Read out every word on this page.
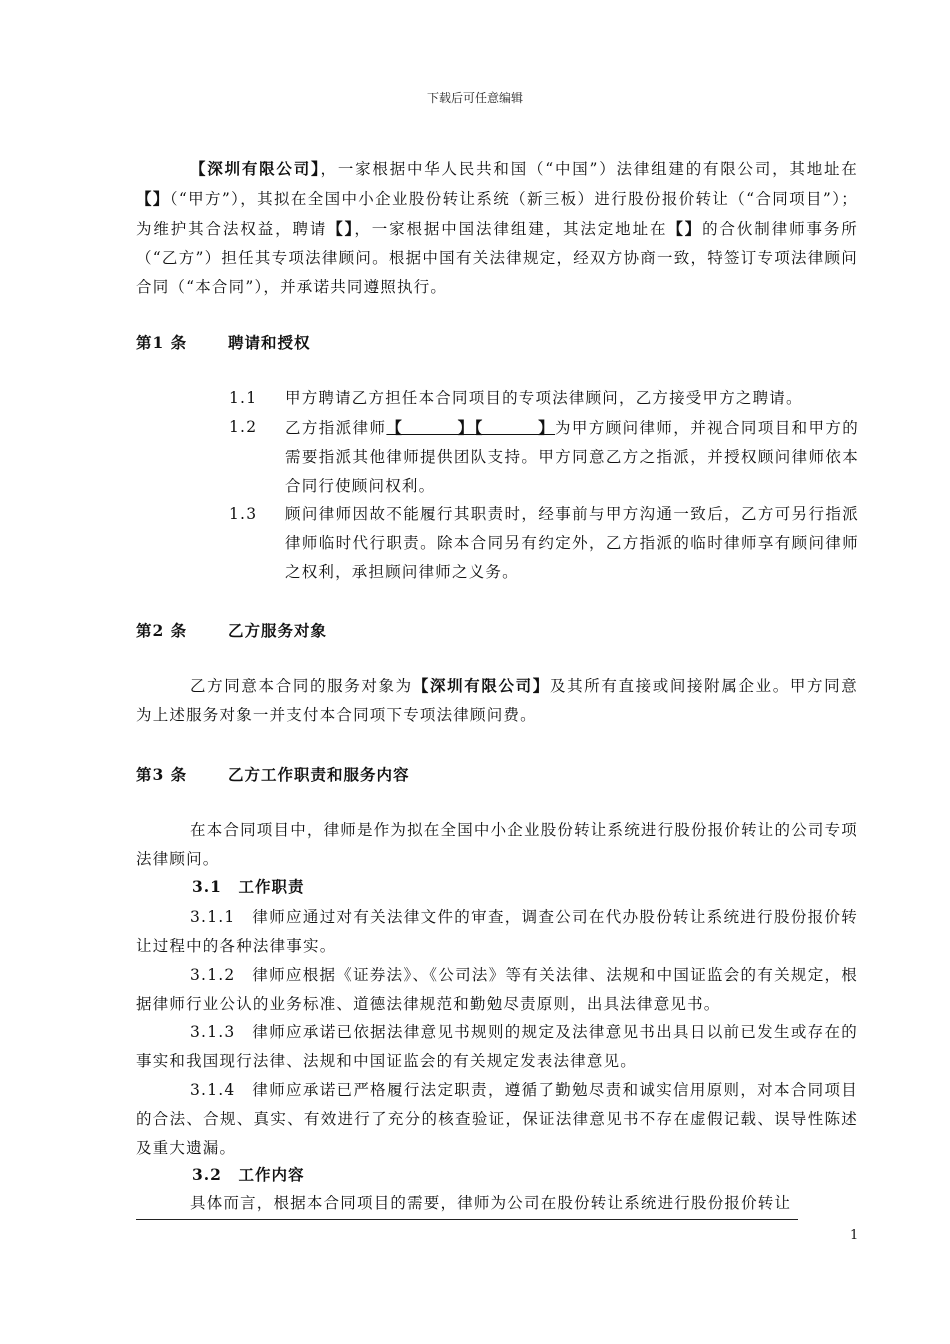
下载后可任意编辑

【深圳有限公司】，一家根据中华人民共和国（“中国”）法律组建的有限公司，其地址在【】（“甲方”），其拟在全国中小企业股份转让系统（新三板）进行股份报价转让（“合同项目”）；为维护其合法权益，聘请【】，一家根据中国法律组建，其法定地址在【】的合伙制律师事务所（“乙方”）担任其专项法律顾问。根据中国有关法律规定，经双方协商一致，特签订专项法律顾问合同（“本合同”），并承诺共同遵照执行。

第1 条	聘请和授权
1.1 甲方聘请乙方担任本合同项目的专项法律顾问，乙方接受甲方之聘请。
1.2 乙方指派律师【        】【        】为甲方顾问律师，并视合同项目和甲方的需要指派其他律师提供团队支持。甲方同意乙方之指派，并授权顾问律师依本合同行使顾问权利。
1.3 顾问律师因故不能履行其职责时，经事前与甲方沟通一致后，乙方可另行指派律师临时代行职责。除本合同另有约定外，乙方指派的临时律师享有顾问律师之权利，承担顾问律师之义务。
第2 条	乙方服务对象

乙方同意本合同的服务对象为【深圳有限公司】及其所有直接或间接附属企业。甲方同意为上述服务对象一并支付本合同项下专项法律顾问费。

第3 条	乙方工作职责和服务内容

在本合同项目中，律师是作为拟在全国中小企业股份转让系统进行股份报价转让的公司专项法律顾问。

3.1　工作职责

3.1.1　 律师应通过对有关法律文件的审查，调查公司在代办股份转让系统进行股份报价转让过程中的各种法律事实。

3.1.2　 律师应根据《证券法》、《公司法》等有关法律、法规和中国证监会的有关规定，根据律师行业公认的业务标准、道德法律规范和勤勉尽责原则，出具法律意见书。

3.1.3　 律师应承诺已依据法律意见书规则的规定及法律意见书出具日以前已发生或存在的事实和我国现行法律、法规和中国证监会的有关规定发表法律意见。

3.1.4　 律师应承诺已严格履行法定职责，遵循了勤勉尽责和诚实信用原则，对本合同项目的合法、合规、真实、有效进行了充分的核查验证，保证法律意见书不存在虚假记载、误导性陈述及重大遗漏。

3.2　工作内容

具体而言，根据本合同项目的需要，律师为公司在股份转让系统进行股份报价转让

1
